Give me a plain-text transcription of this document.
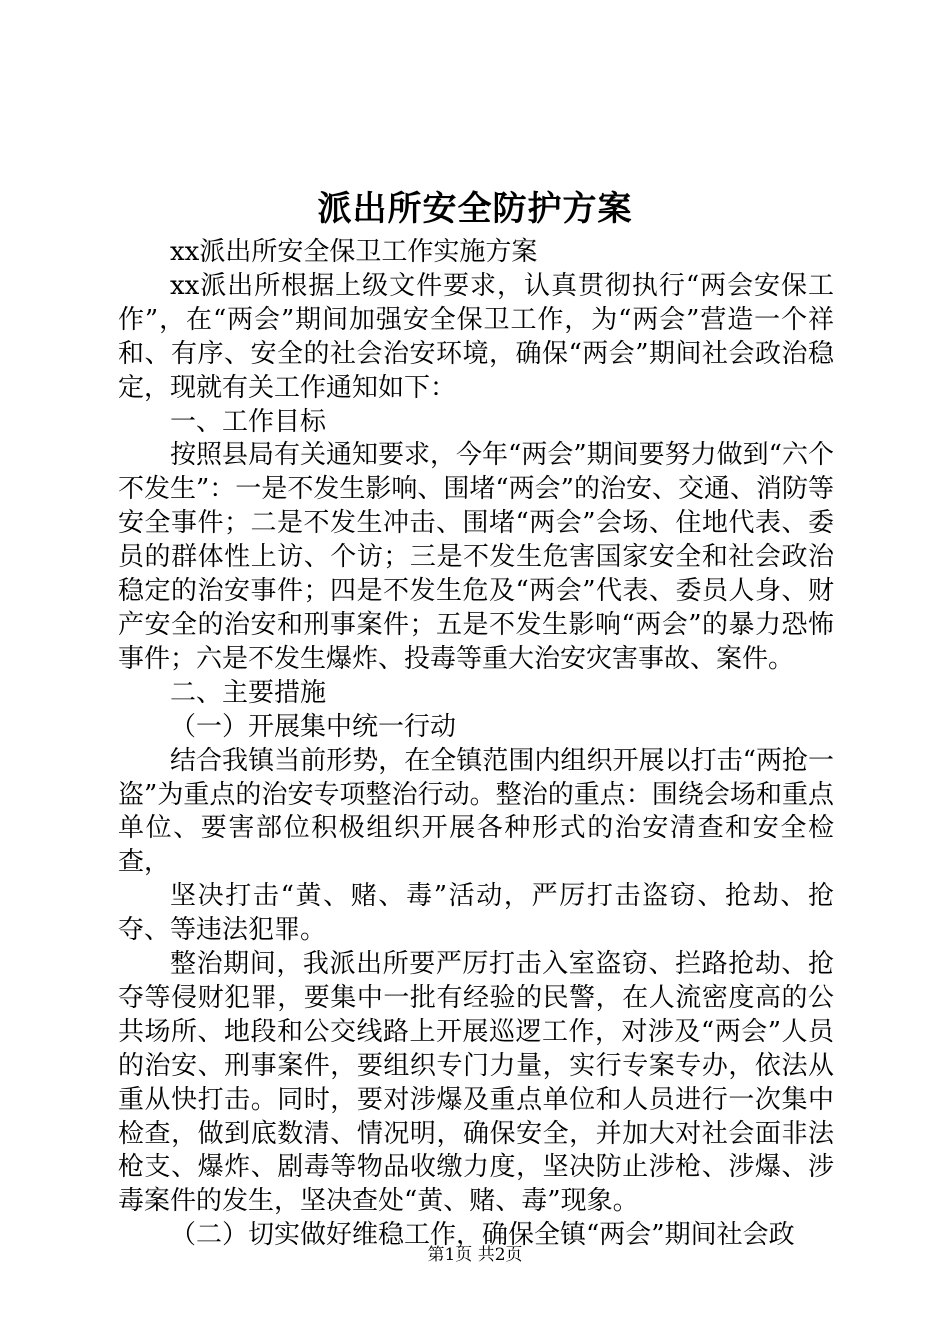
派出所安全防护方案

xx派出所安全保卫工作实施方案

xx派出所根据上级文件要求，认真贯彻执行“两会安保工作”，在“两会”期间加强安全保卫工作，为“两会”营造一个祥和、有序、安全的社会治安环境，确保“两会”期间社会政治稳定，现就有关工作通知如下：

一、工作目标

按照县局有关通知要求，今年“两会”期间要努力做到“六个不发生”：一是不发生影响、围堵“两会”的治安、交通、消防等安全事件；二是不发生冲击、围堵“两会”会场、住地代表、委员的群体性上访、个访；三是不发生危害国家安全和社会政治稳定的治安事件；四是不发生危及“两会”代表、委员人身、财产安全的治安和刑事案件；五是不发生影响“两会”的暴力恐怖事件；六是不发生爆炸、投毒等重大治安灾害事故、案件。

二、主要措施

（一）开展集中统一行动

结合我镇当前形势，在全镇范围内组织开展以打击“两抢一盗”为重点的治安专项整治行动。整治的重点：围绕会场和重点单位、要害部位积极组织开展各种形式的治安清查和安全检查，

坚决打击“黄、赌、毒”活动，严厉打击盗窃、抢劫、抢夺、等违法犯罪。

整治期间，我派出所要严厉打击入室盗窃、拦路抢劫、抢夺等侵财犯罪，要集中一批有经验的民警，在人流密度高的公共场所、地段和公交线路上开展巡逻工作，对涉及“两会”人员的治安、刑事案件，要组织专门力量，实行专案专办，依法从重从快打击。同时，要对涉爆及重点单位和人员进行一次集中检查，做到底数清、情况明，确保安全，并加大对社会面非法枪支、爆炸、剧毒等物品收缴力度，坚决防止涉枪、涉爆、涉毒案件的发生，坚决查处“黄、赌、毒”现象。

（二）切实做好维稳工作，确保全镇“两会”期间社会政

第1页 共2页
